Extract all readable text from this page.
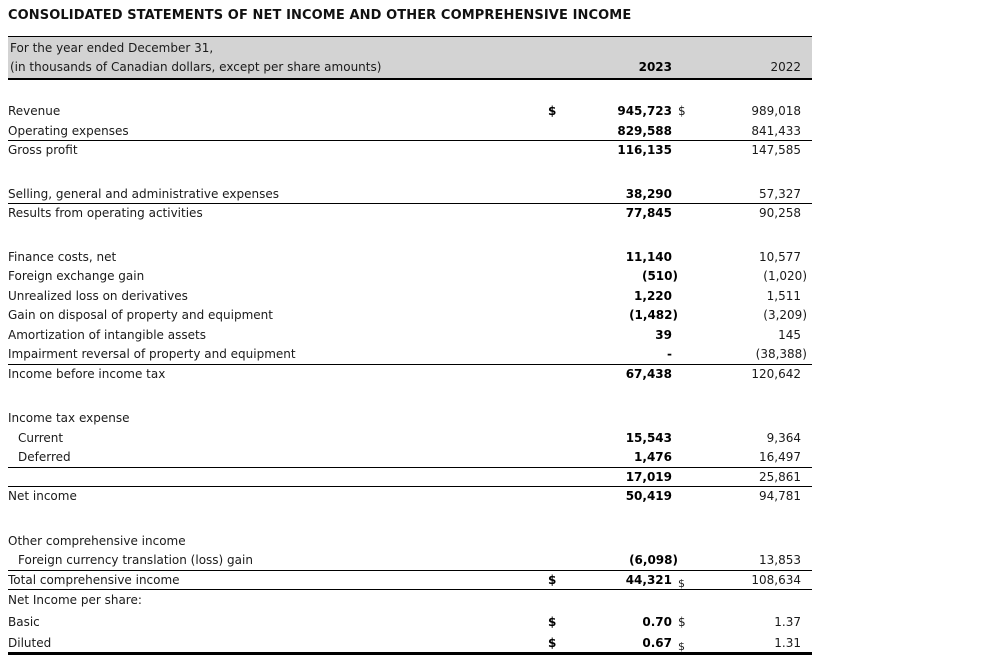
CONSOLIDATED STATEMENTS OF NET INCOME AND OTHER COMPREHENSIVE INCOME
For the year ended December 31,
(in thousands of Canadian dollars, except per share amounts)	2023	2022
Revenue	$	945,723 $	989,018
Operating expenses	829,588	841,433
Gross profit	116,135	147,585
Selling, general and administrative expenses	38,290	57,327
Results from operating activities	77,845	90,258
Finance costs, net	11,140	10,577
Foreign exchange gain	(510)	(1,020)
Unrealized loss on derivatives	1,220	1,511
Gain on disposal of property and equipment	(1,482)	(3,209)
Amortization of intangible assets	39	145
Impairment reversal of property and equipment	-	(38,388)
Income before income tax	67,438	120,642
Income tax expense
Current	15,543	9,364
Deferred	1,476	16,497
17,019	25,861
Net income	50,419	94,781
Other comprehensive income
Foreign currency translation (loss) gain	(6,098)	13,853
Total comprehensive income	$	44,321 $	108,634
Net Income per share:
Basic	$	0.70 $	1.37
Diluted	$	0.67 $	1.31
